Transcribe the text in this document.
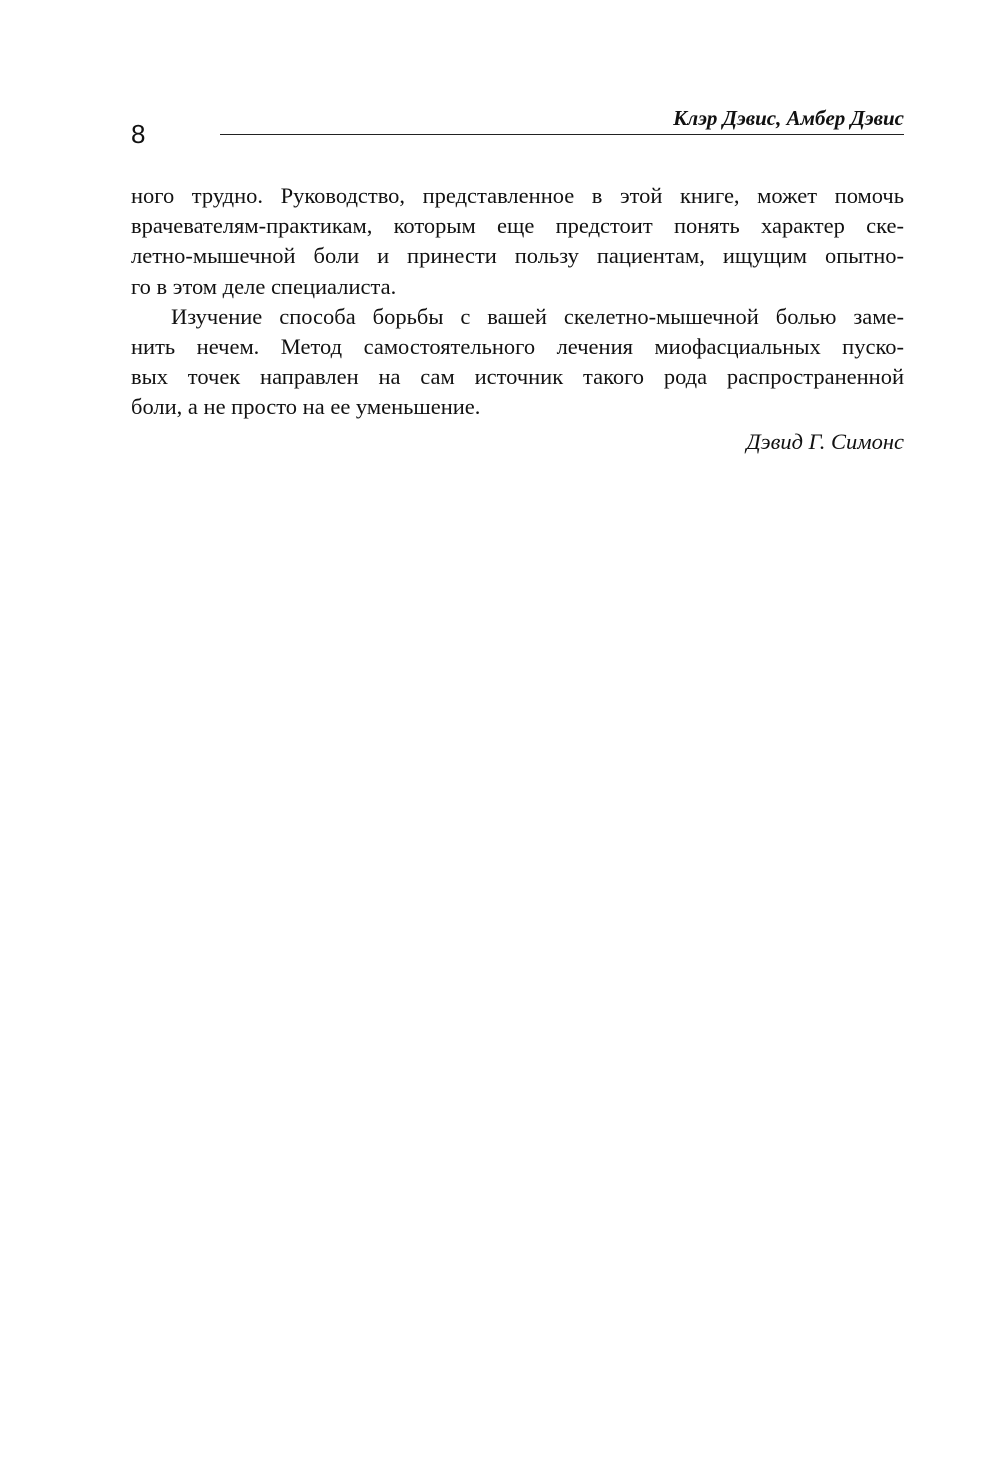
8
Клэр Дэвис, Амбер Дэвис
ного трудно. Руководство, представленное в этой книге, может помочь
врачевателям-практикам, которым еще предстоит понять характер ске-
летно-мышечной боли и принести пользу пациентам, ищущим опытно-
го в этом деле специалиста.
Изучение способа борьбы с вашей скелетно-мышечной болью заме-
нить нечем. Метод самостоятельного лечения миофасциальных пуско-
вых точек направлен на сам источник такого рода распространенной
боли, а не просто на ее уменьшение.
Дэвид Г. Симонс
